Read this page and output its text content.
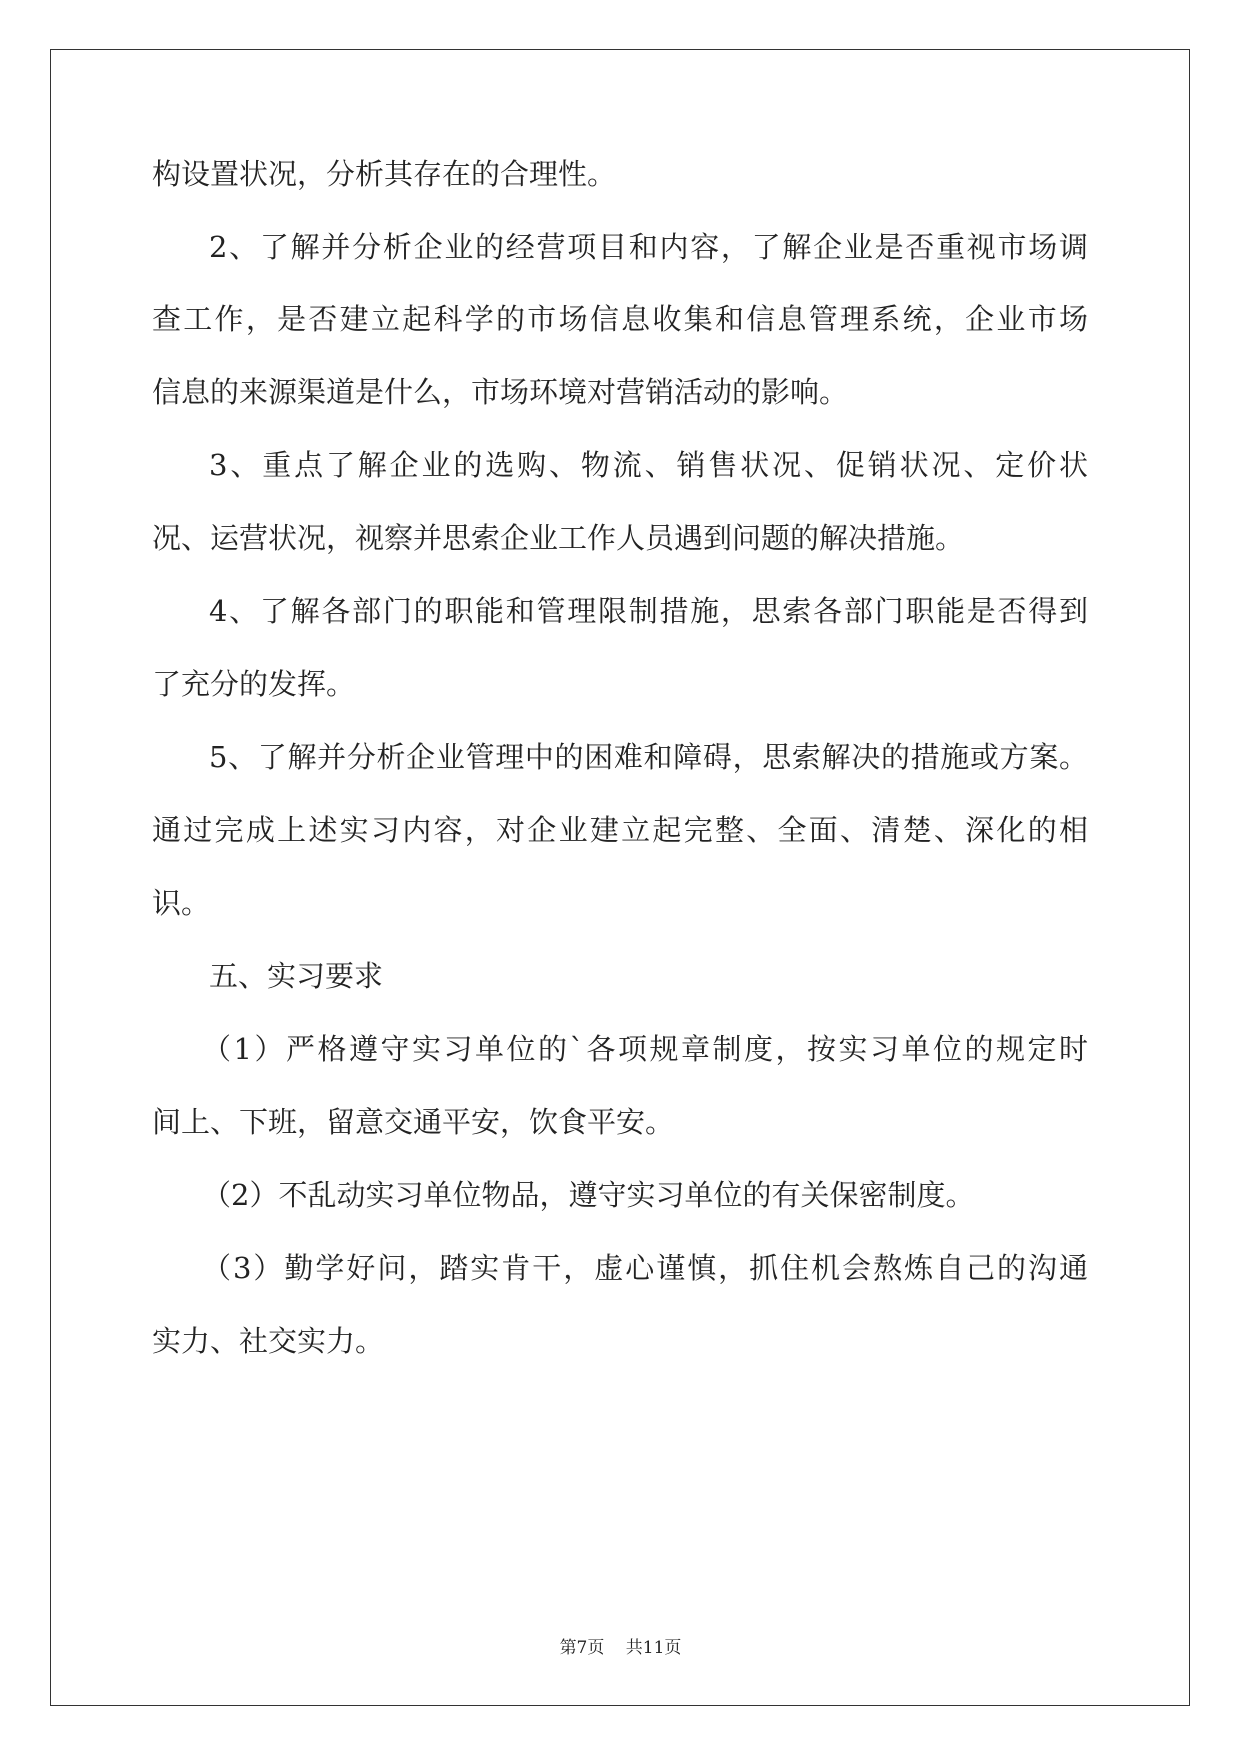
构设置状况，分析其存在的合理性。
2、了解并分析企业的经营项目和内容，了解企业是否重视市场调
查工作，是否建立起科学的市场信息收集和信息管理系统，企业市场
信息的来源渠道是什么，市场环境对营销活动的影响。
3、重点了解企业的选购、物流、销售状况、促销状况、定价状
况、运营状况，视察并思索企业工作人员遇到问题的解决措施。
4、了解各部门的职能和管理限制措施，思索各部门职能是否得到
了充分的发挥。
5、了解并分析企业管理中的困难和障碍，思索解决的措施或方案。
通过完成上述实习内容，对企业建立起完整、全面、清楚、深化的相
识。
五、实习要求
（1）严格遵守实习单位的`各项规章制度，按实习单位的规定时
间上、下班，留意交通平安，饮食平安。
（2）不乱动实习单位物品，遵守实习单位的有关保密制度。
（3）勤学好问，踏实肯干，虚心谨慎，抓住机会熬炼自己的沟通
实力、社交实力。
第7页 共11页
